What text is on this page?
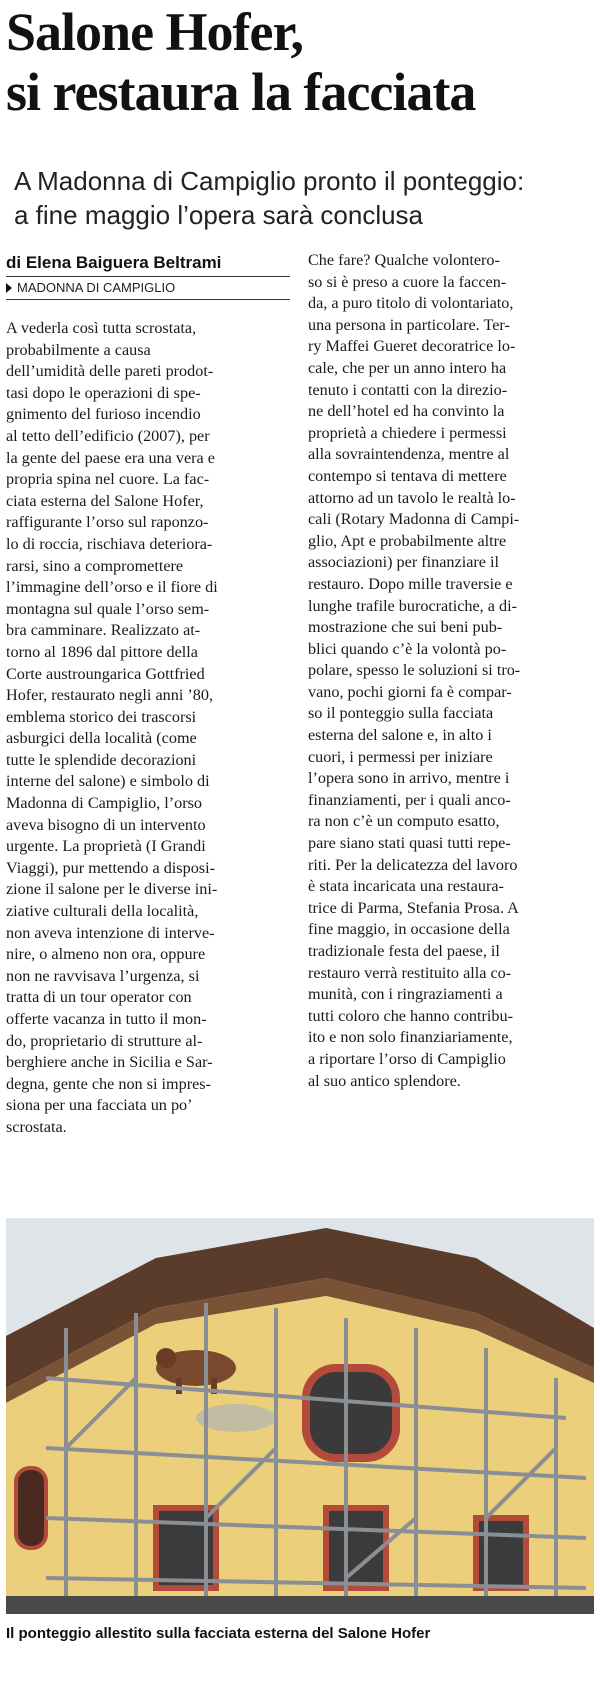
Salone Hofer,
si restaura la facciata
A Madonna di Campiglio pronto il ponteggio:
a fine maggio l’opera sarà conclusa
di Elena Baiguera Beltrami
MADONNA DI CAMPIGLIO
A vederla così tutta scrostata,
probabilmente a causa
dell’umidità delle pareti prodot-
tasi dopo le operazioni di spe-
gnimento del furioso incendio
al tetto dell’edificio (2007), per
la gente del paese era una vera e
propria spina nel cuore. La fac-
ciata esterna del Salone Hofer,
raffigurante l’orso sul raponzo-
lo di roccia, rischiava deteriora-
rarsi, sino a compromettere
l’immagine dell’orso e il fiore di
montagna sul quale l’orso sem-
bra camminare. Realizzato at-
torno al 1896 dal pittore della
Corte austroungarica Gottfried
Hofer, restaurato negli anni ’80,
emblema storico dei trascorsi
asburgici della località (come
tutte le splendide decorazioni
interne del salone) e simbolo di
Madonna di Campiglio, l’orso
aveva bisogno di un intervento
urgente. La proprietà (I Grandi
Viaggi), pur mettendo a disposi-
zione il salone per le diverse ini-
ziative culturali della località,
non aveva intenzione di interve-
nire, o almeno non ora, oppure
non ne ravvisava l’urgenza, si
tratta di un tour operator con
offerte vacanza in tutto il mon-
do, proprietario di strutture al-
berghiere anche in Sicilia e Sar-
degna, gente che non si impres-
siona per una facciata un po’
scrostata.
Che fare? Qualche volontero-
so si è preso a cuore la faccen-
da, a puro titolo di volontariato,
una persona in particolare. Ter-
ry Maffei Gueret decoratrice lo-
cale, che per un anno intero ha
tenuto i contatti con la direzio-
ne dell’hotel ed ha convinto la
proprietà a chiedere i permessi
alla sovraintendenza, mentre al
contempo si tentava di mettere
attorno ad un tavolo le realtà lo-
cali (Rotary Madonna di Campi-
glio, Apt e probabilmente altre
associazioni) per finanziare il
restauro. Dopo mille traversie e
lunghe trafile burocratiche, a di-
mostrazione che sui beni pub-
blici quando c’è la volontà po-
polare, spesso le soluzioni si tro-
vano, pochi giorni fa è compar-
so il ponteggio sulla facciata
esterna del salone e, in alto i
cuori, i permessi per iniziare
l’opera sono in arrivo, mentre i
finanziamenti, per i quali anco-
ra non c’è un computo esatto,
pare siano stati quasi tutti repe-
riti. Per la delicatezza del lavoro
è stata incaricata una restaura-
trice di Parma, Stefania Prosa. A
fine maggio, in occasione della
tradizionale festa del paese, il
restauro verrà restituito alla co-
munità, con i ringraziamenti a
tutti coloro che hanno contribu-
ito e non solo finanziariamente,
a riportare l’orso di Campiglio
al suo antico splendore.
Il ponteggio allestito sulla facciata esterna del Salone Hofer
